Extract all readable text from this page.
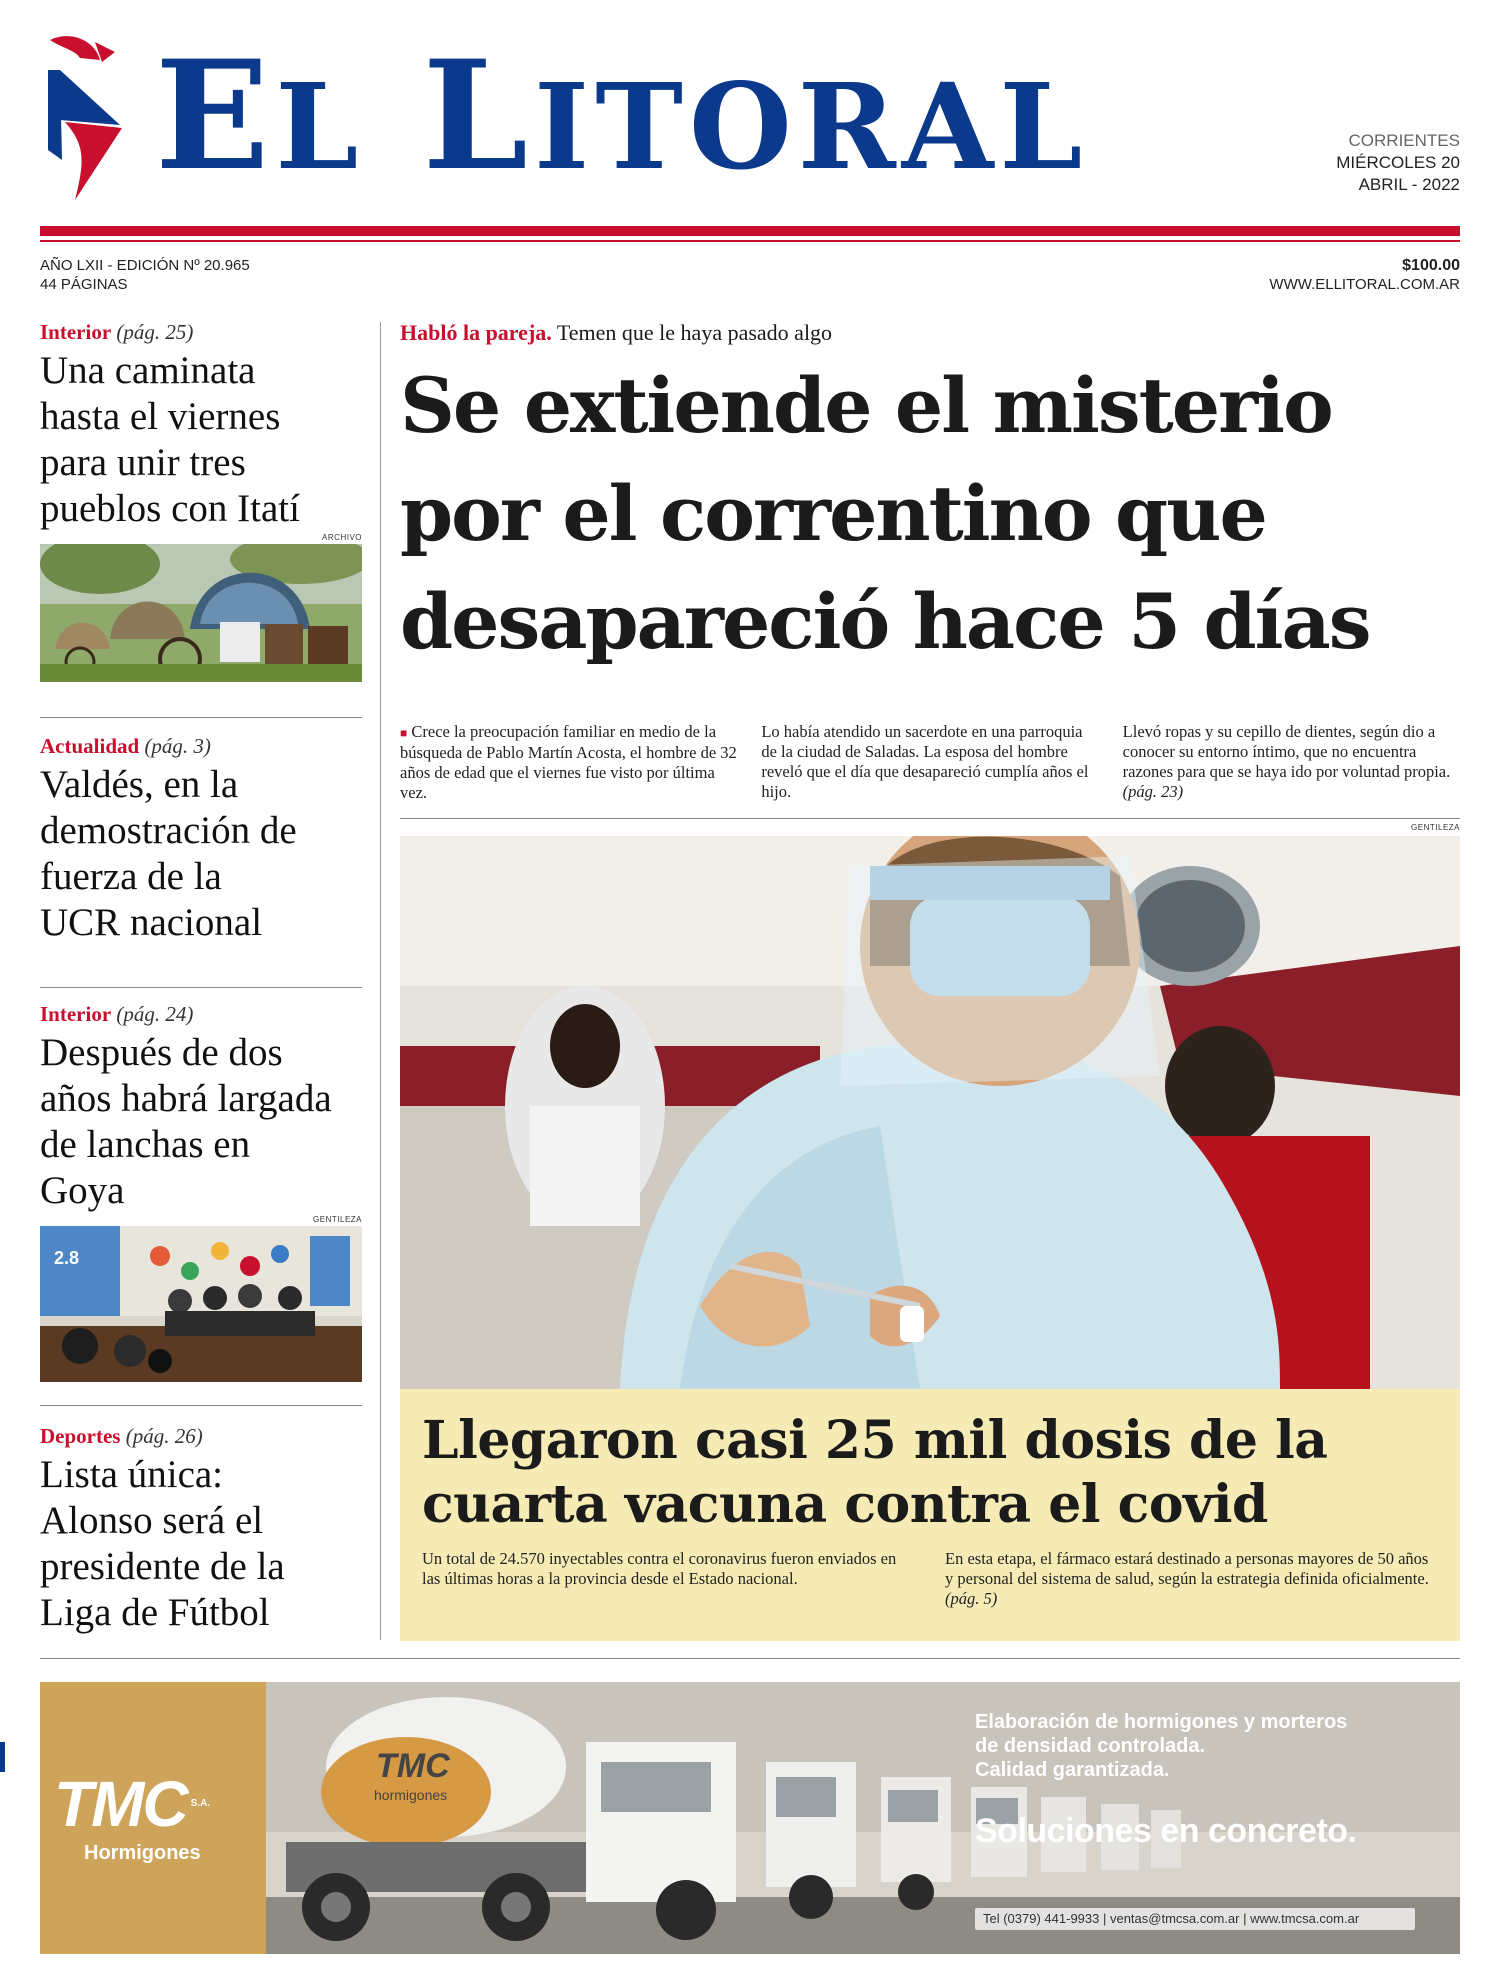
EL LITORAL	CORRIENTES
MIÉRCOLES 20
ABRIL - 2022
AÑO LXII - EDICIÓN Nº 20.965
44 PÁGINAS
$100.00
WWW.ELLITORAL.COM.AR
Interior (pág. 25)
Una caminata hasta el viernes para unir tres pueblos con Itatí
ARCHIVO
Actualidad (pág. 3)
Valdés, en la demostración de fuerza de la UCR nacional
Interior (pág. 24)
Después de dos años habrá largada de lanchas en Goya
GENTILEZA
2.8
Deportes (pág. 26)
Lista única: Alonso será el presidente de la Liga de Fútbol
Habló la pareja. Temen que le haya pasado algo
Se extiende el misterio por el correntino que desapareció hace 5 días

■ Crece la preocupación familiar en medio de la búsqueda de Pablo Martín Acosta, el hombre de 32 años de edad que el viernes fue visto por última vez.

Lo había atendido un sacerdote en una parroquia de la ciudad de Saladas. La esposa del hombre reveló que el día que desapareció cumplía años el hijo.

Llevó ropas y su cepillo de dientes, según dio a conocer su entorno íntimo, que no encuentra razones para que se haya ido por voluntad propia. (pág. 23)

GENTILEZA
Llegaron casi 25 mil dosis de la cuarta vacuna contra el covid

Un total de 24.570 inyectables contra el coronavirus fueron enviados en las últimas horas a la provincia desde el Estado nacional.

En esta etapa, el fármaco estará destinado a personas mayores de 50 años y personal del sistema de salud, según la estrategia definida oficialmente. (pág. 5)

TMC S.A.
Hormigones
TMC
hormigones
Elaboración de hormigones y morteros
de densidad controlada.
Calidad garantizada.
Soluciones en concreto.
Tel (0379) 441-9933 | ventas@tmcsa.com.ar | www.tmcsa.com.ar
